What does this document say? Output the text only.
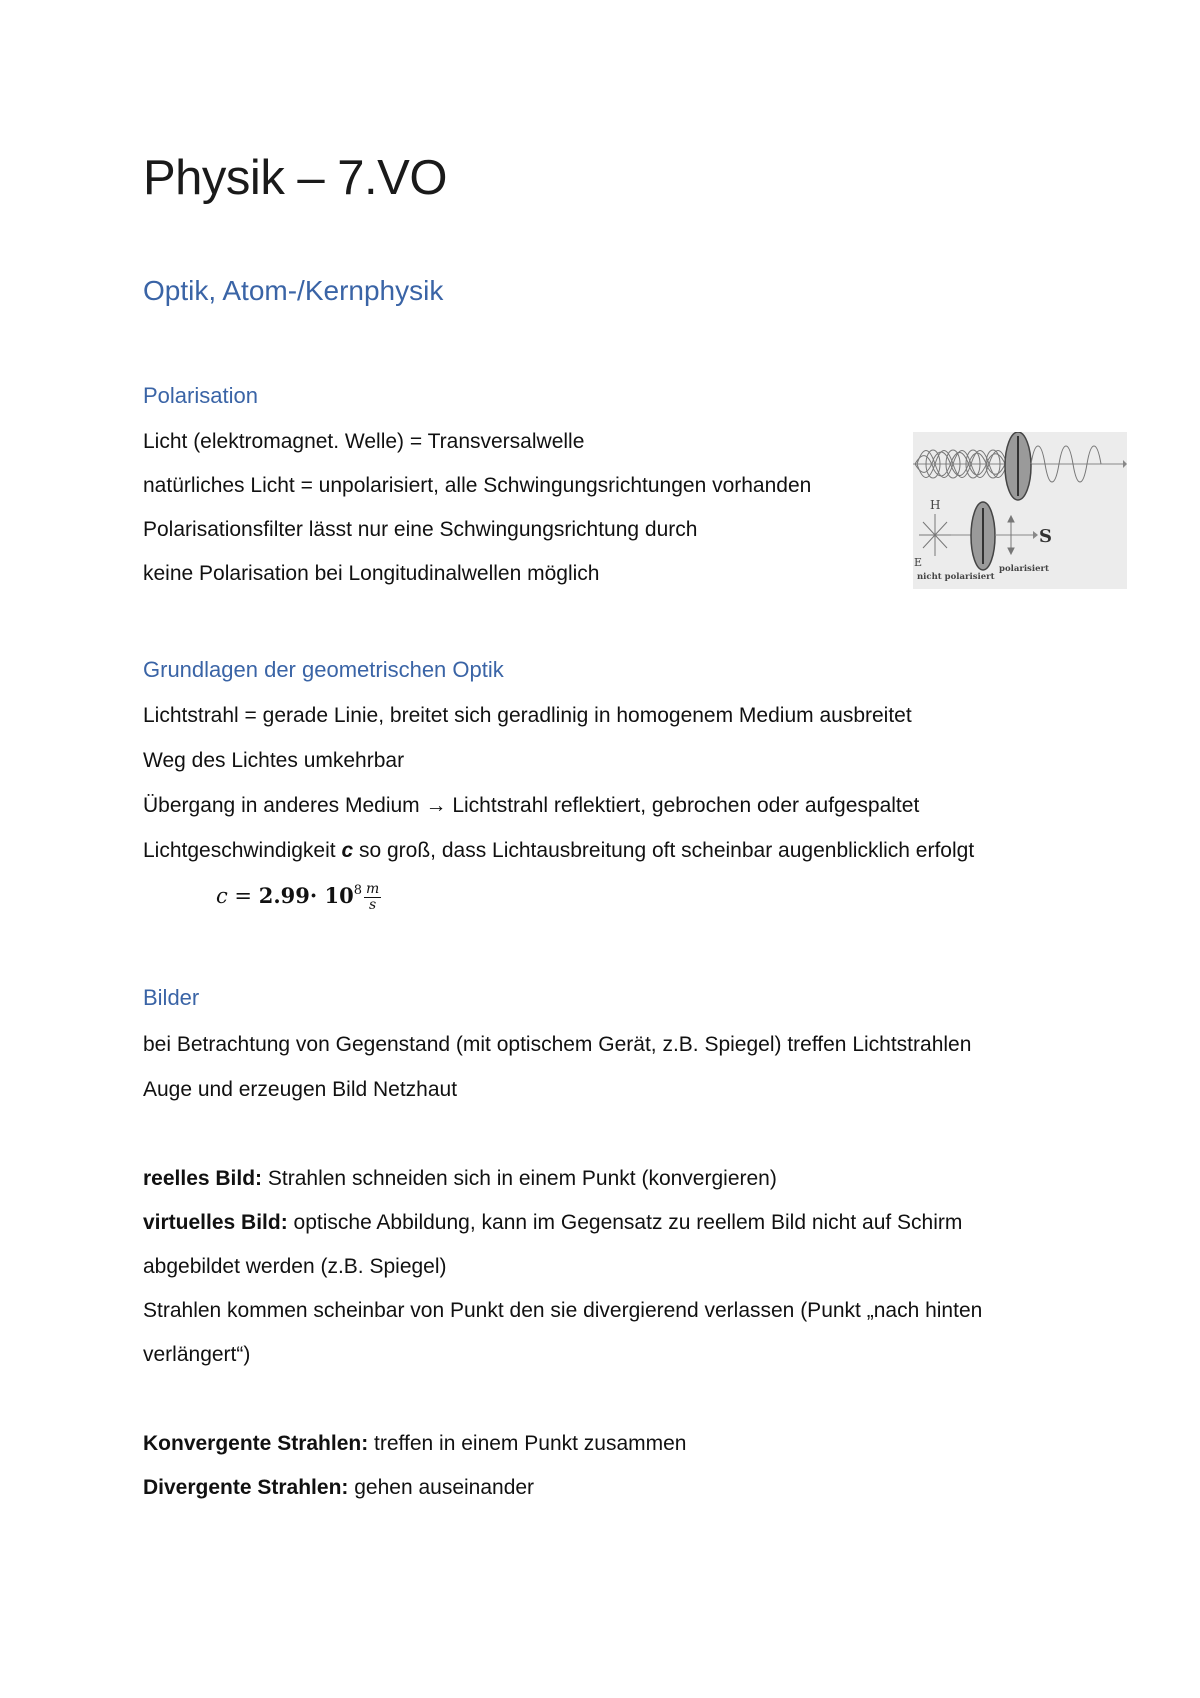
Physik – 7.VO
Optik, Atom-/Kernphysik
Polarisation

Licht (elektromagnet. Welle) = Transversalwelle

natürliches Licht = unpolarisiert, alle Schwingungsrichtungen vorhanden

Polarisationsfilter lässt nur eine Schwingungsrichtung durch

keine Polarisation bei Longitudinalwellen möglich

H
S
E
nicht polarisiert
polarisiert
Grundlagen der geometrischen Optik

Lichtstrahl = gerade Linie, breitet sich geradlinig in homogenem Medium ausbreitet

Weg des Lichtes umkehrbar

Übergang in anderes Medium → Lichtstrahl reflektiert, gebrochen oder aufgespaltet

Lichtgeschwindigkeit c so groß, dass Lichtausbreitung oft scheinbar augenblicklich erfolgt

$c = 2.99\cdot 10^8 \frac{m}{s}$
Bilder

bei Betrachtung von Gegenstand (mit optischem Gerät, z.B. Spiegel) treffen Lichtstrahlen

Auge und erzeugen Bild Netzhaut

reelles Bild: Strahlen schneiden sich in einem Punkt (konvergieren)

virtuelles Bild: optische Abbildung, kann im Gegensatz zu reellem Bild nicht auf Schirm

abgebildet werden (z.B. Spiegel)

Strahlen kommen scheinbar von Punkt den sie divergierend verlassen (Punkt „nach hinten

verlängert“)

Konvergente Strahlen: treffen in einem Punkt zusammen

Divergente Strahlen: gehen auseinander
